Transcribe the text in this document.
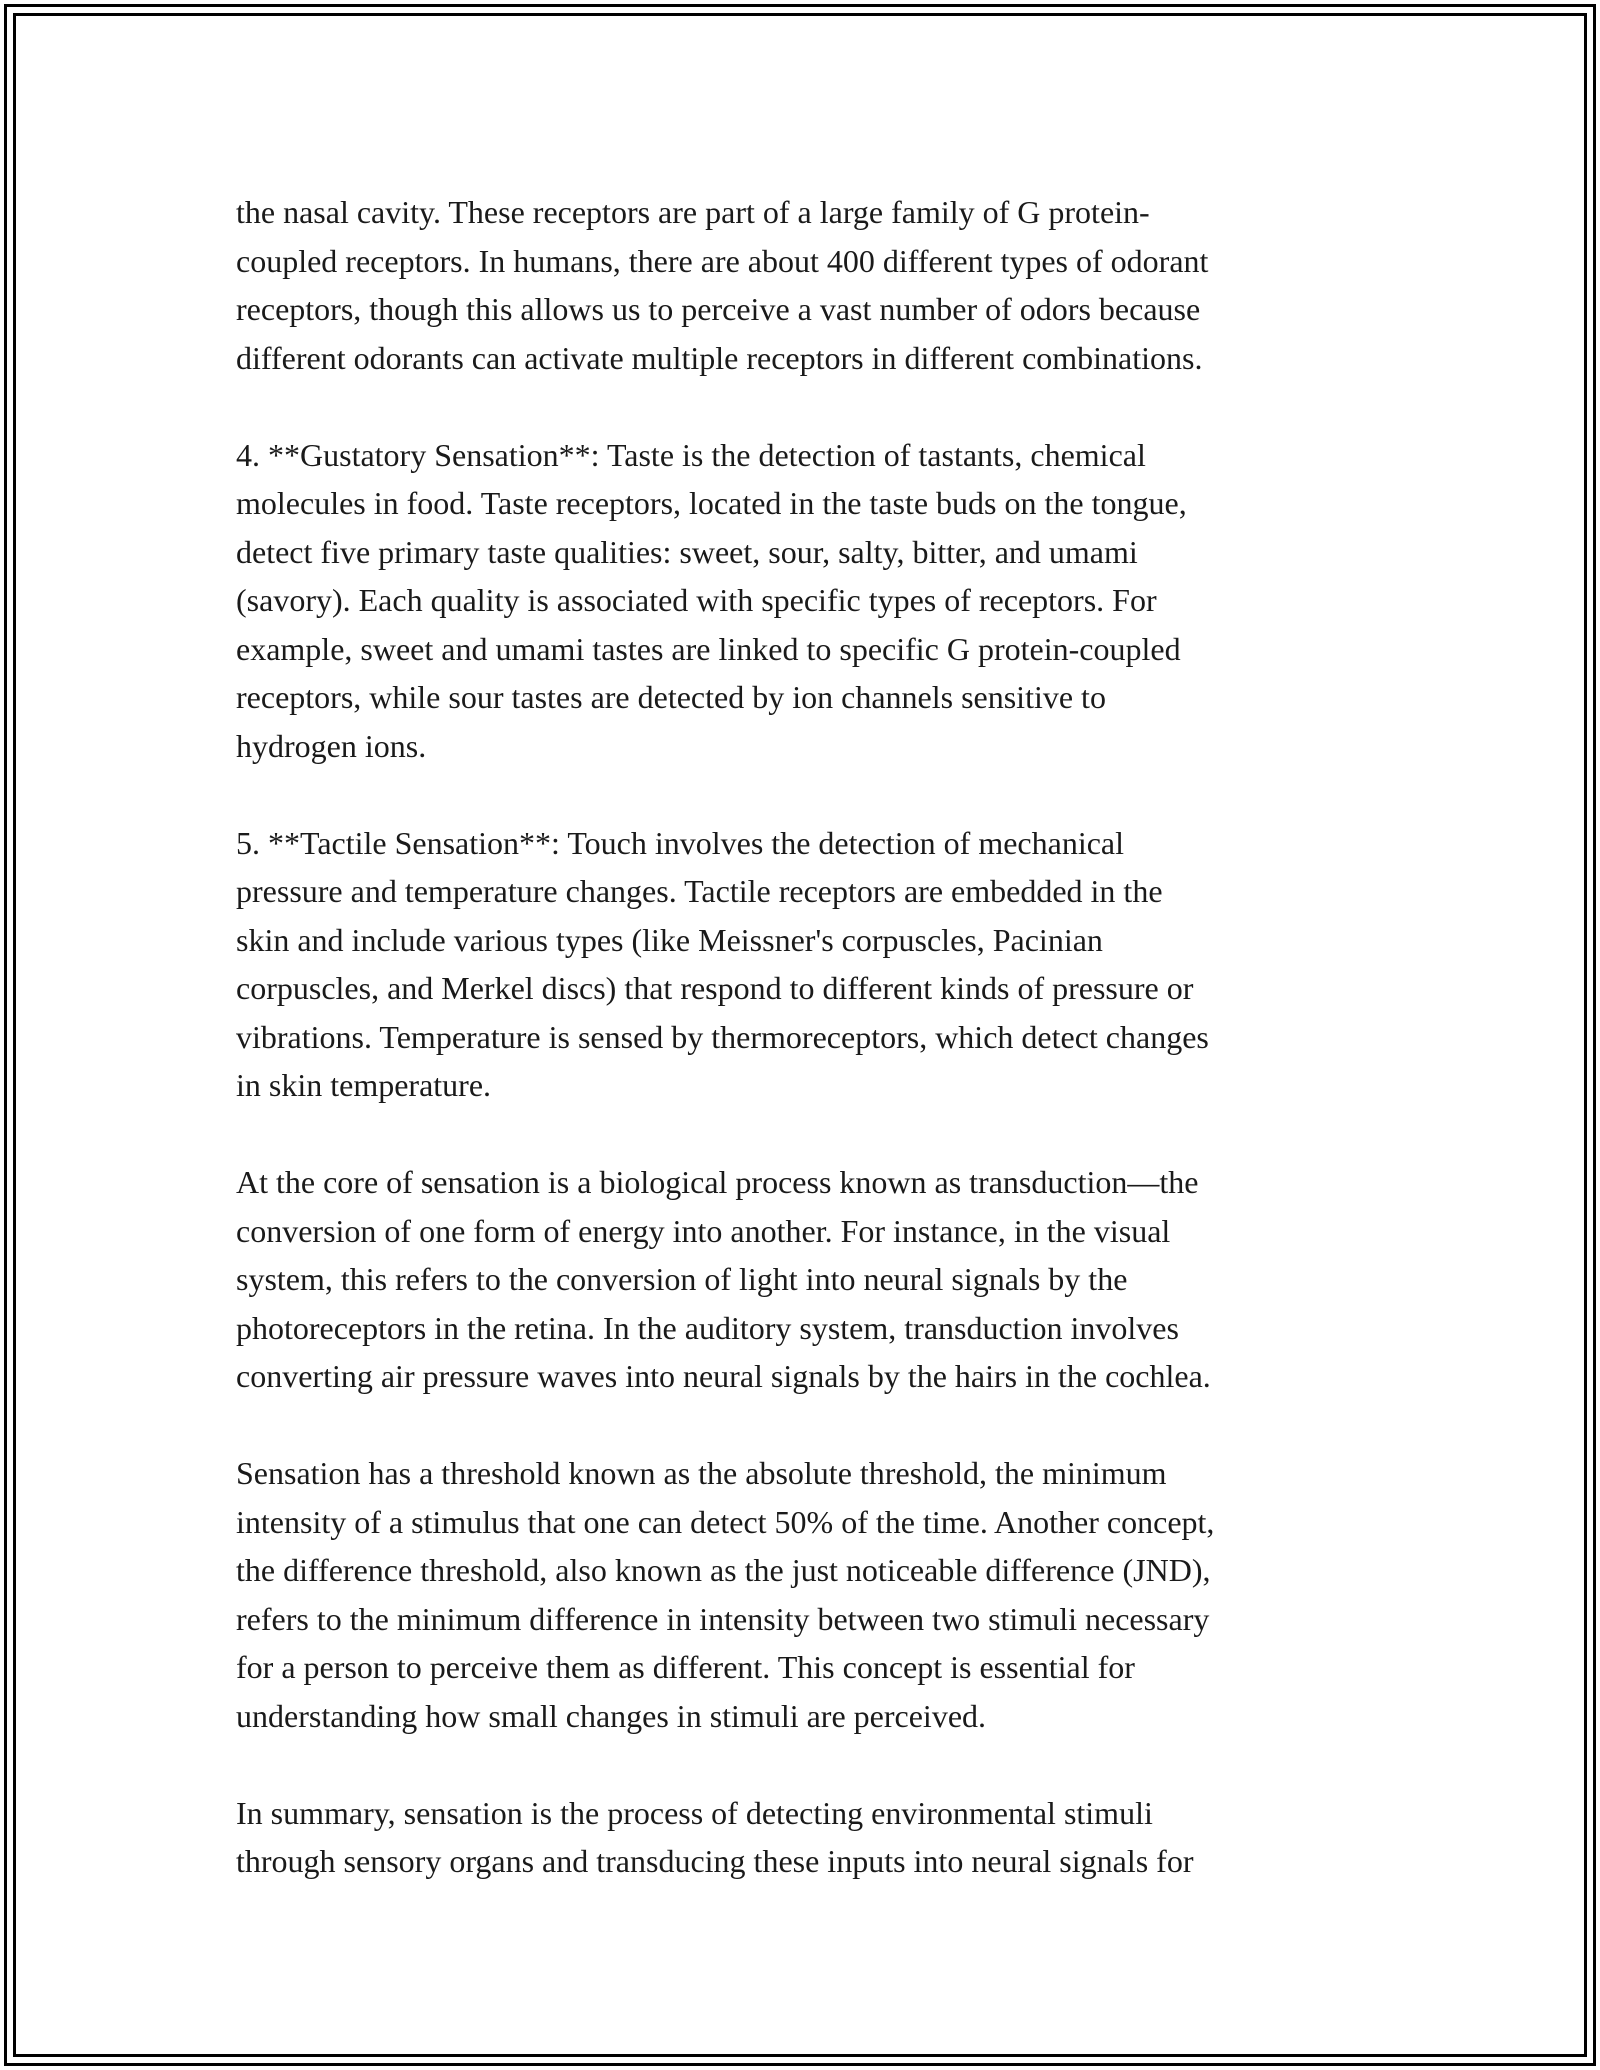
the nasal cavity. These receptors are part of a large family of G protein-
coupled receptors. In humans, there are about 400 different types of odorant
receptors, though this allows us to perceive a vast number of odors because
different odorants can activate multiple receptors in different combinations.

4. **Gustatory Sensation**: Taste is the detection of tastants, chemical
molecules in food. Taste receptors, located in the taste buds on the tongue,
detect five primary taste qualities: sweet, sour, salty, bitter, and umami
(savory). Each quality is associated with specific types of receptors. For
example, sweet and umami tastes are linked to specific G protein-coupled
receptors, while sour tastes are detected by ion channels sensitive to
hydrogen ions.

5. **Tactile Sensation**: Touch involves the detection of mechanical
pressure and temperature changes. Tactile receptors are embedded in the
skin and include various types (like Meissner's corpuscles, Pacinian
corpuscles, and Merkel discs) that respond to different kinds of pressure or
vibrations. Temperature is sensed by thermoreceptors, which detect changes
in skin temperature.

At the core of sensation is a biological process known as transduction—the
conversion of one form of energy into another. For instance, in the visual
system, this refers to the conversion of light into neural signals by the
photoreceptors in the retina. In the auditory system, transduction involves
converting air pressure waves into neural signals by the hairs in the cochlea.

Sensation has a threshold known as the absolute threshold, the minimum
intensity of a stimulus that one can detect 50% of the time. Another concept,
the difference threshold, also known as the just noticeable difference (JND),
refers to the minimum difference in intensity between two stimuli necessary
for a person to perceive them as different. This concept is essential for
understanding how small changes in stimuli are perceived.

In summary, sensation is the process of detecting environmental stimuli
through sensory organs and transducing these inputs into neural signals for
